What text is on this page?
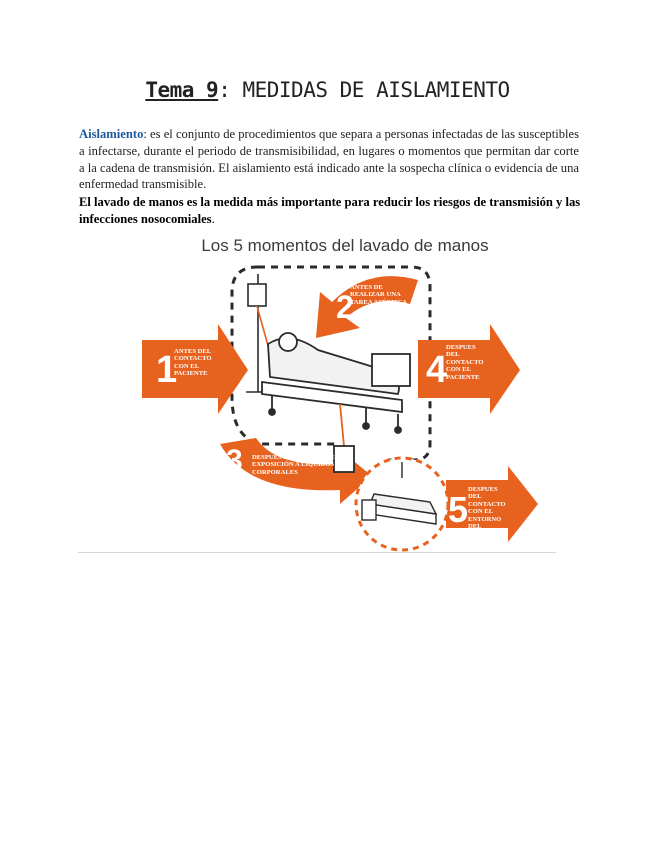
Tema 9: MEDIDAS DE AISLAMIENTO
Aislamiento: es el conjunto de procedimientos que separa a personas infectadas de las susceptibles a infectarse, durante el periodo de transmisibilidad, en lugares o momentos que permitan dar corte a la cadena de transmisión. El aislamiento está indicado ante la sospecha clínica o evidencia de una enfermedad transmisible.
El lavado de manos es la medida más importante para reducir los riesgos de transmisión y las infecciones nosocomiales.
Los 5 momentos del lavado de manos
1
2
3
4
5
ANTES DEL CONTACTO CON EL PACIENTE
ANTES DE REALIZAR UNA TAREA ASÉPTICA
DESPUES DEL RIESGO DE EXPOSICIÓN A LIQUIDOS CORPORALES
DESPUES DEL CONTACTO CON EL PACIENTE
DESPUES DEL CONTACTO CON EL ENTORNO DEL PACIENTE
